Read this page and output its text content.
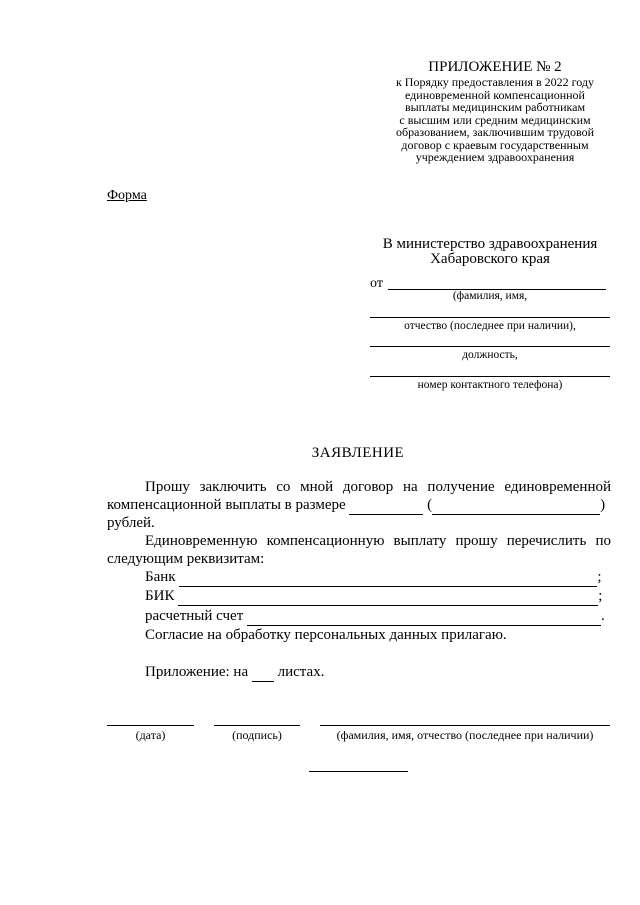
ПРИЛОЖЕНИЕ № 2
к Порядку предоставления в 2022 году
единовременной компенсационной
выплаты медицинским работникам
с высшим или средним медицинским
образованием, заключившим трудовой
договор с краевым государственным
учреждением здравоохранения
Форма
В министерство здравоохранения
Хабаровского края
от
(фамилия, имя,
отчество (последнее при наличии),
должность,
номер контактного телефона)
ЗАЯВЛЕНИЕ
Прошу заключить со мной договор на получение единовременной
компенсационной выплаты в размере	(	)
рублей.
Единовременную компенсационную выплату прошу перечислить по
следующим реквизитам:
Банк	;
БИК	;
расчетный счет	.
Согласие на обработку персональных данных прилагаю.
Приложение: на листах.
(дата)	(подпись)	(фамилия, имя, отчество (последнее при наличии)
